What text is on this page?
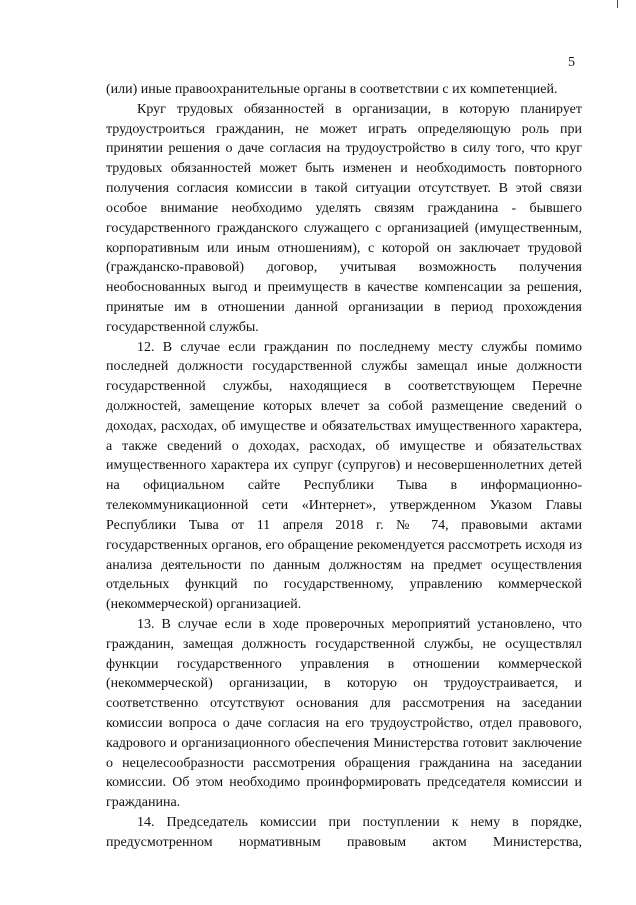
5

(или) иные правоохранительные органы в соответствии с их компетенцией.

Круг трудовых обязанностей в организации, в которую планирует трудоустроиться гражданин, не может играть определяющую роль при принятии решения о даче согласия на трудоустройство в силу того, что круг трудовых обязанностей может быть изменен и необходимость повторного получения согласия комиссии в такой ситуации отсутствует. В этой связи особое внимание необходимо уделять связям гражданина - бывшего государственного гражданского служащего с организацией (имущественным, корпоративным или иным отношениям), с которой он заключает трудовой (гражданско-правовой) договор, учитывая возможность получения необоснованных выгод и преимуществ в качестве компенсации за решения, принятые им в отношении данной организации в период прохождения государственной службы.

12. В случае если гражданин по последнему месту службы помимо последней должности государственной службы замещал иные должности государственной службы, находящиеся в соответствующем Перечне должностей, замещение которых влечет за собой размещение сведений о доходах, расходах, об имуществе и обязательствах имущественного характера, а также сведений о доходах, расходах, об имуществе и обязательствах имущественного характера их супруг (супругов) и несовершеннолетних детей на официальном сайте Республики Тыва в информационно-телекоммуникационной сети «Интернет», утвержденном Указом Главы Республики Тыва от 11 апреля 2018 г. № 74, правовыми актами государственных органов, его обращение рекомендуется рассмотреть исходя из анализа деятельности по данным должностям на предмет осуществления отдельных функций по государственному, управлению коммерческой (некоммерческой) организацией.

13. В случае если в ходе проверочных мероприятий установлено, что гражданин, замещая должность государственной службы, не осуществлял функции государственного управления в отношении коммерческой (некоммерческой) организации, в которую он трудоустраивается, и соответственно отсутствуют основания для рассмотрения на заседании комиссии вопроса о даче согласия на его трудоустройство, отдел правового, кадрового и организационного обеспечения Министерства готовит заключение о нецелесообразности рассмотрения обращения гражданина на заседании комиссии. Об этом необходимо проинформировать председателя комиссии и гражданина.

14. Председатель комиссии при поступлении к нему в порядке, предусмотренном нормативным правовым актом Министерства,
